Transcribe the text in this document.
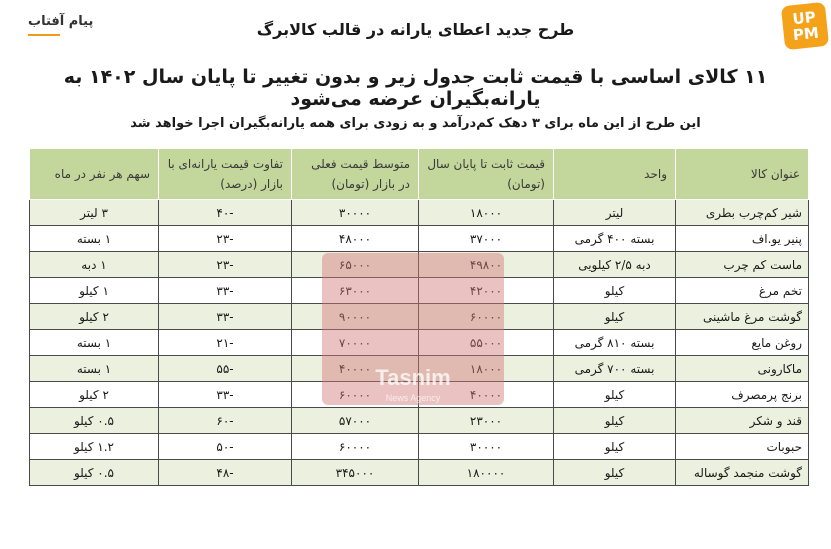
پیام آفتاب	UP PM
طرح جدید اعطای یارانه در قالب کالابرگ
۱۱ کالای اساسی با قیمت ثابت جدول زیر و بدون تغییر تا پایان سال ۱۴۰۲ به یارانه‌بگیران عرضه می‌شود
این طرح از این ماه برای ۳ دهک کم‌درآمد و به زودی برای همه یارانه‌بگیران اجرا خواهد شد
عنوان کالا	واحد	قیمت ثابت تا پایان سال (تومان)	متوسط قیمت فعلی در بازار (تومان)	تفاوت قیمت یارانه‌ای با بازار (درصد)	سهم هر نفر در ماه
شیر کم‌چرب بطری	لیتر	۱۸۰۰۰	۳۰۰۰۰	-۴۰	۳ لیتر
پنیر یو.اف	بسته ۴۰۰ گرمی	۳۷۰۰۰	۴۸۰۰۰	-۲۳	۱ بسته
ماست کم چرب	دبه ۲/۵ کیلویی	۴۹۸۰۰	۶۵۰۰۰	-۲۳	۱ دبه
تخم مرغ	کیلو	۴۲۰۰۰	۶۳۰۰۰	-۳۳	۱ کیلو
گوشت مرغ ماشینی	کیلو	۶۰۰۰۰	۹۰۰۰۰	-۳۳	۲ کیلو
روغن مایع	بسته ۸۱۰ گرمی	۵۵۰۰۰	۷۰۰۰۰	-۲۱	۱ بسته
ماکارونی	بسته ۷۰۰ گرمی	۱۸۰۰۰	۴۰۰۰۰	-۵۵	۱ بسته
برنج پرمصرف	کیلو	۴۰۰۰۰	۶۰۰۰۰	-۳۳	۲ کیلو
قند و شکر	کیلو	۲۳۰۰۰	۵۷۰۰۰	-۶۰	۰.۵ کیلو
حبوبات	کیلو	۳۰۰۰۰	۶۰۰۰۰	-۵۰	۱.۲ کیلو
گوشت منجمد گوساله	کیلو	۱۸۰۰۰۰	۳۴۵۰۰۰	-۴۸	۰.۵ کیلو
Tasnim
News Agency
